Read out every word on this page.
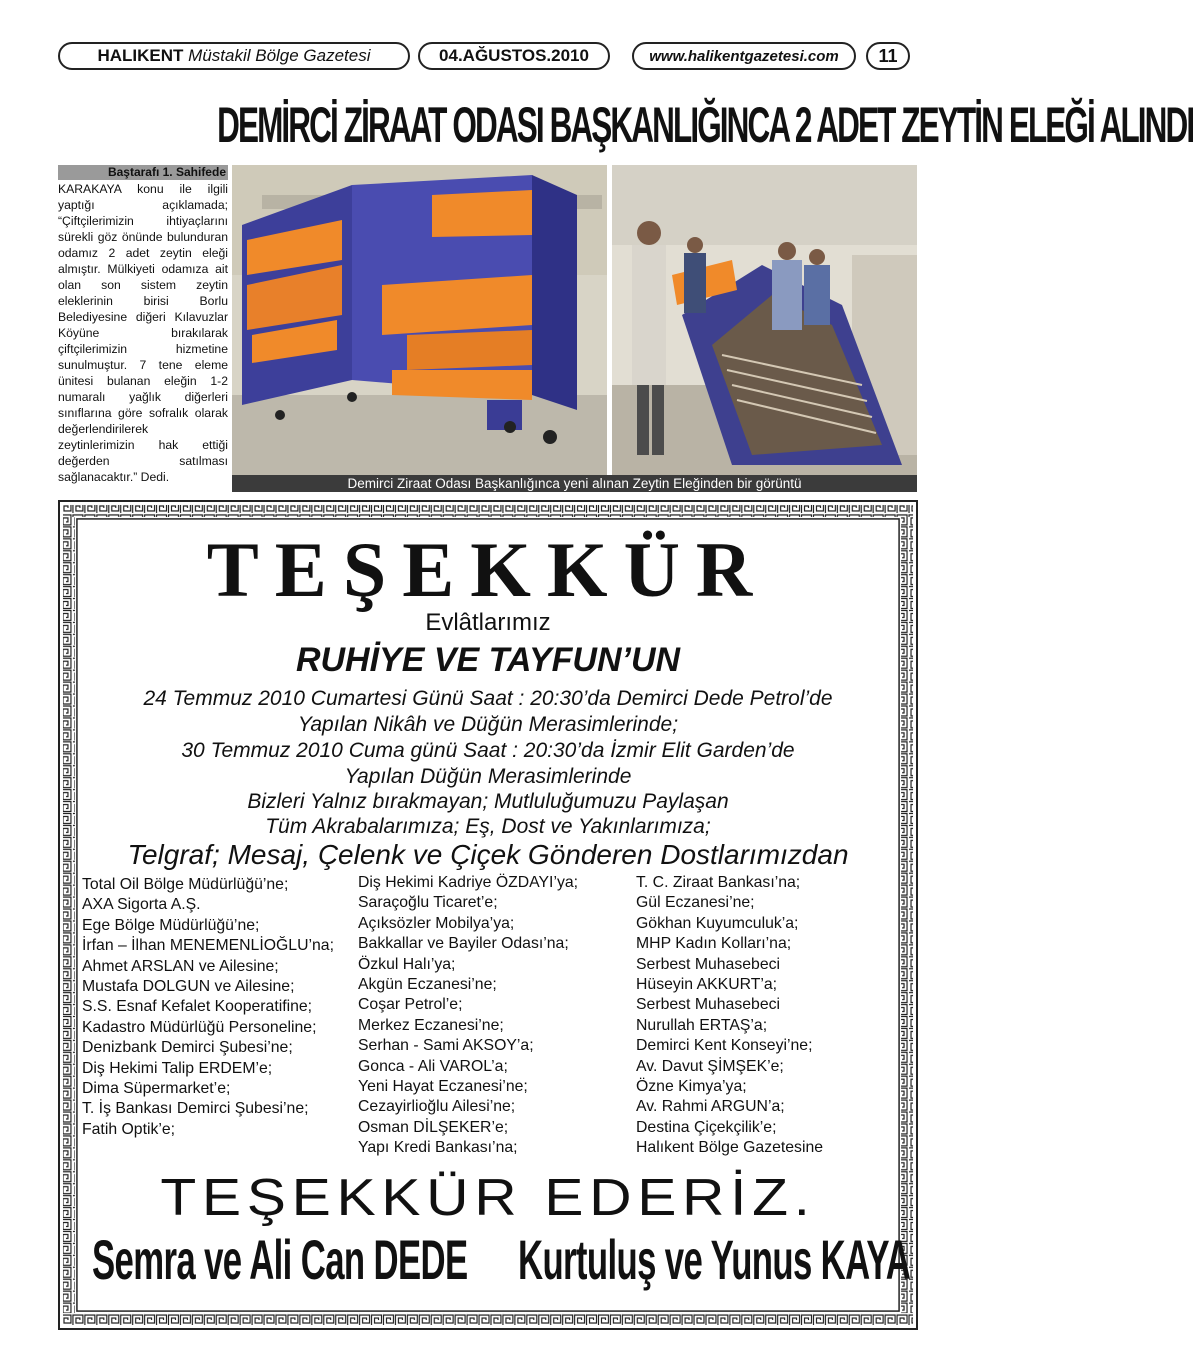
HALIKENT
Müstakil Bölge Gazetesi	04.AĞUSTOS.2010	www.halikentgazetesi.com 11
DEMİRCİ ZİRAAT ODASI BAŞKANLIĞINCA 2 ADET ZEYTİN ELEĞİ ALINDI
Baştarafı 1. Sahifede
KARAKAYA konu ile ilgili yaptığı açıklamada; “Çiftçilerimizin ihtiyaçlarını sürekli göz önünde bulunduran odamız 2 adet zeytin eleği almıştır. Mülkiyeti odamıza ait olan son sistem zeytin eleklerinin birisi Borlu Belediyesine diğeri Kılavuzlar Köyüne bırakılarak çiftçilerimizin hizmetine sunulmuştur. 7 tene eleme ünitesi bulanan eleğin 1-2 numaralı yağlık diğerleri sınıflarına göre sofralık olarak değerlendirilerek zeytinlerimizin hak ettiği değerden satılması sağlanacaktır.” Dedi.	Demirci Ziraat Odası Başkanlığınca yeni alınan Zeytin Eleğinden bir görüntü
TEŞEKKÜR
Evlâtlarımız
RUHİYE VE TAYFUN’UN
24 Temmuz 2010 Cumartesi Günü Saat : 20:30’da Demirci Dede Petrol’de
Yapılan Nikâh ve Düğün Merasimlerinde;
30 Temmuz 2010 Cuma günü Saat : 20:30’da İzmir Elit Garden’de
Yapılan Düğün Merasimlerinde
Bizleri Yalnız bırakmayan; Mutluluğumuzu Paylaşan
Tüm Akrabalarımıza; Eş, Dost ve Yakınlarımıza;
Telgraf; Mesaj, Çelenk ve Çiçek Gönderen Dostlarımızdan
Total Oil Bölge Müdürlüğü’ne;
AXA Sigorta A.Ş.
Ege Bölge Müdürlüğü’ne;
İrfan – İlhan MENEMENLİOĞLU’na;
Ahmet ARSLAN ve Ailesine;
Mustafa DOLGUN ve Ailesine;
S.S. Esnaf Kefalet Kooperatifine;
Kadastro Müdürlüğü Personeline;
Denizbank Demirci Şubesi’ne;
Diş Hekimi Talip ERDEM’e;
Dima Süpermarket’e;
T. İş Bankası Demirci Şubesi’ne;
Fatih Optik’e;
Diş Hekimi Kadriye ÖZDAYI’ya;
Saraçoğlu Ticaret’e;
Açıksözler Mobilya’ya;
Bakkallar ve Bayiler Odası’na;
Özkul Halı’ya;
Akgün Eczanesi’ne;
Coşar Petrol’e;
Merkez Eczanesi’ne;
Serhan - Sami AKSOY’a;
Gonca - Ali VAROL’a;
Yeni Hayat Eczanesi’ne;
Cezayirlioğlu Ailesi’ne;
Osman DİLŞEKER’e;
Yapı Kredi Bankası’na;
T. C. Ziraat Bankası’na;
Gül Eczanesi’ne;
Gökhan Kuyumculuk’a;
MHP Kadın Kolları’na;
Serbest Muhasebeci
Hüseyin AKKURT’a;
Serbest Muhasebeci
Nurullah ERTAŞ’a;
Demirci Kent Konseyi’ne;
Av. Davut ŞİMŞEK’e;
Özne Kimya’ya;
Av. Rahmi ARGUN’a;
Destina Çiçekçilik’e;
Halıkent Bölge Gazetesine
TEŞEKKÜR EDERİZ.
Semra ve Ali Can DEDE Kurtuluş ve Yunus KAYA
